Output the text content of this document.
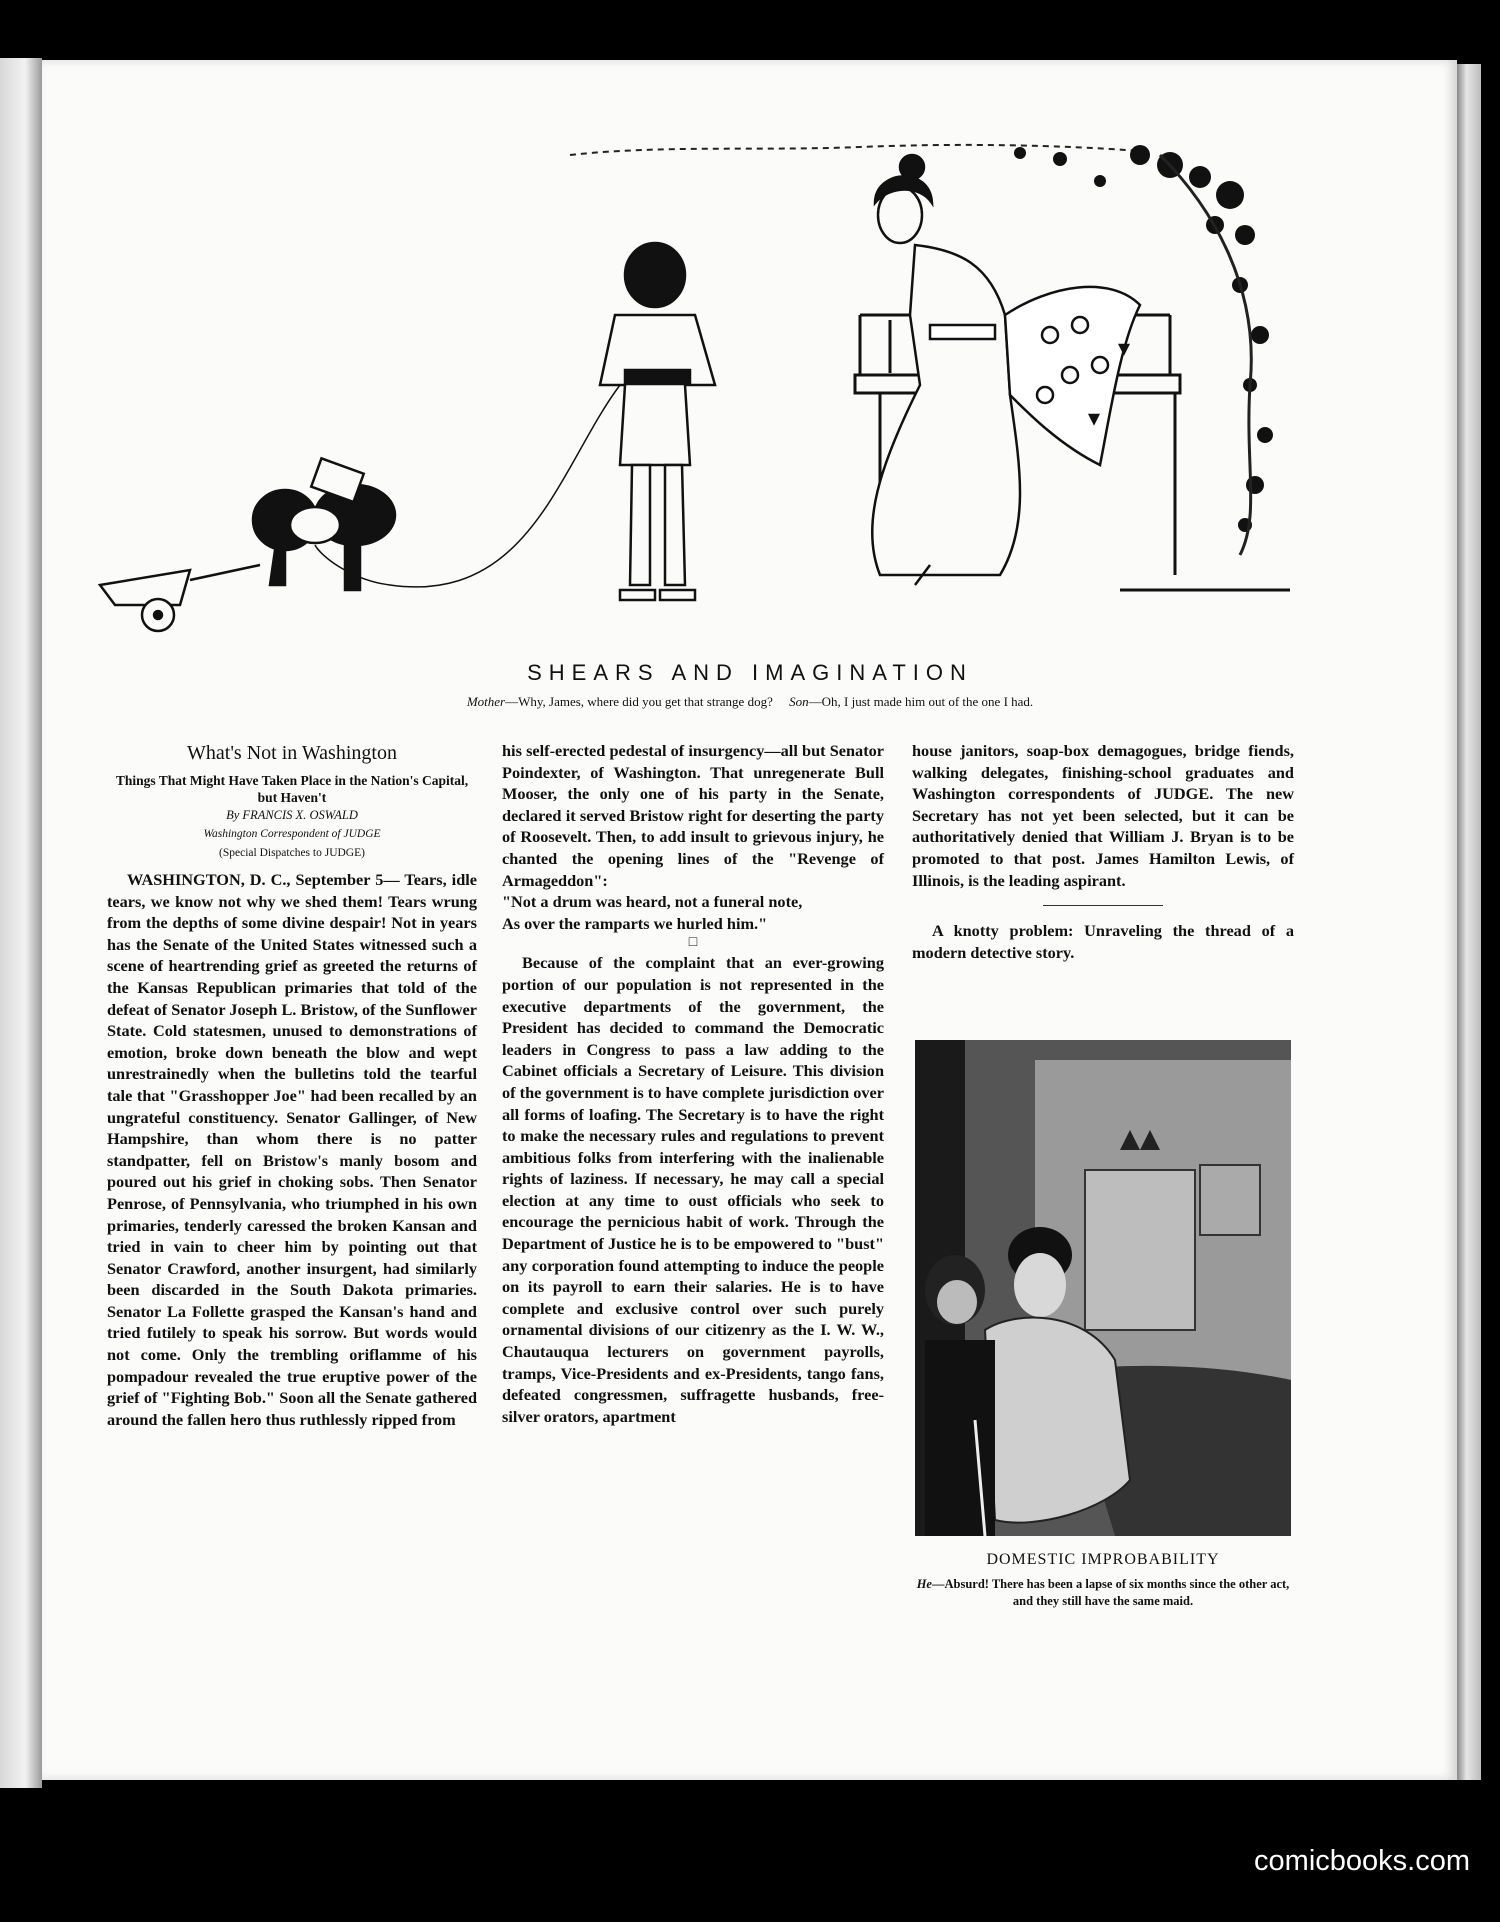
SHEARS AND IMAGINATION
Mother—Why, James, where did you get that strange dog? Son—Oh, I just made him out of the one I had.
What's Not in Washington
Things That Might Have Taken Place in the Nation's Capital, but Haven't
By FRANCIS X. OSWALD
Washington Correspondent of JUDGE
(Special Dispatches to JUDGE)

WASHINGTON, D. C., September 5— Tears, idle tears, we know not why we shed them! Tears wrung from the depths of some divine despair! Not in years has the Senate of the United States witnessed such a scene of heartrending grief as greeted the returns of the Kansas Republican primaries that told of the defeat of Senator Joseph L. Bristow, of the Sunflower State. Cold statesmen, unused to demonstrations of emotion, broke down beneath the blow and wept unrestrainedly when the bulletins told the tearful tale that "Grasshopper Joe" had been recalled by an ungrateful constituency. Senator Gallinger, of New Hampshire, than whom there is no patter standpatter, fell on Bristow's manly bosom and poured out his grief in choking sobs. Then Senator Penrose, of Pennsylvania, who triumphed in his own primaries, tenderly caressed the broken Kansan and tried in vain to cheer him by pointing out that Senator Crawford, another insurgent, had similarly been discarded in the South Dakota primaries. Senator La Follette grasped the Kansan's hand and tried futilely to speak his sorrow. But words would not come. Only the trembling oriflamme of his pompadour revealed the true eruptive power of the grief of "Fighting Bob." Soon all the Senate gathered around the fallen hero thus ruthlessly ripped from

his self-erected pedestal of insurgency—all but Senator Poindexter, of Washington. That unregenerate Bull Mooser, the only one of his party in the Senate, declared it served Bristow right for deserting the party of Roosevelt. Then, to add insult to grievous injury, he chanted the opening lines of the "Revenge of Armageddon":

"Not a drum was heard, not a funeral note,

As over the ramparts we hurled him."

□

Because of the complaint that an ever-growing portion of our population is not represented in the executive departments of the government, the President has decided to command the Democratic leaders in Congress to pass a law adding to the Cabinet officials a Secretary of Leisure. This division of the government is to have complete jurisdiction over all forms of loafing. The Secretary is to have the right to make the necessary rules and regulations to prevent ambitious folks from interfering with the inalienable rights of laziness. If necessary, he may call a special election at any time to oust officials who seek to encourage the pernicious habit of work. Through the Department of Justice he is to be empowered to "bust" any corporation found attempting to induce the people on its payroll to earn their salaries. He is to have complete and exclusive control over such purely ornamental divisions of our citizenry as the I. W. W., Chautauqua lecturers on government payrolls, tramps, Vice-Presidents and ex-Presidents, tango fans, defeated congressmen, suffragette husbands, free-silver orators, apartment

house janitors, soap-box demagogues, bridge fiends, walking delegates, finishing-school graduates and Washington correspondents of JUDGE. The new Secretary has not yet been selected, but it can be authoritatively denied that William J. Bryan is to be promoted to that post. James Hamilton Lewis, of Illinois, is the leading aspirant.

A knotty problem: Unraveling the thread of a modern detective story.

DOMESTIC IMPROBABILITY
He—Absurd! There has been a lapse of six months since the other act, and they still have the same maid.
comicbooks.com
